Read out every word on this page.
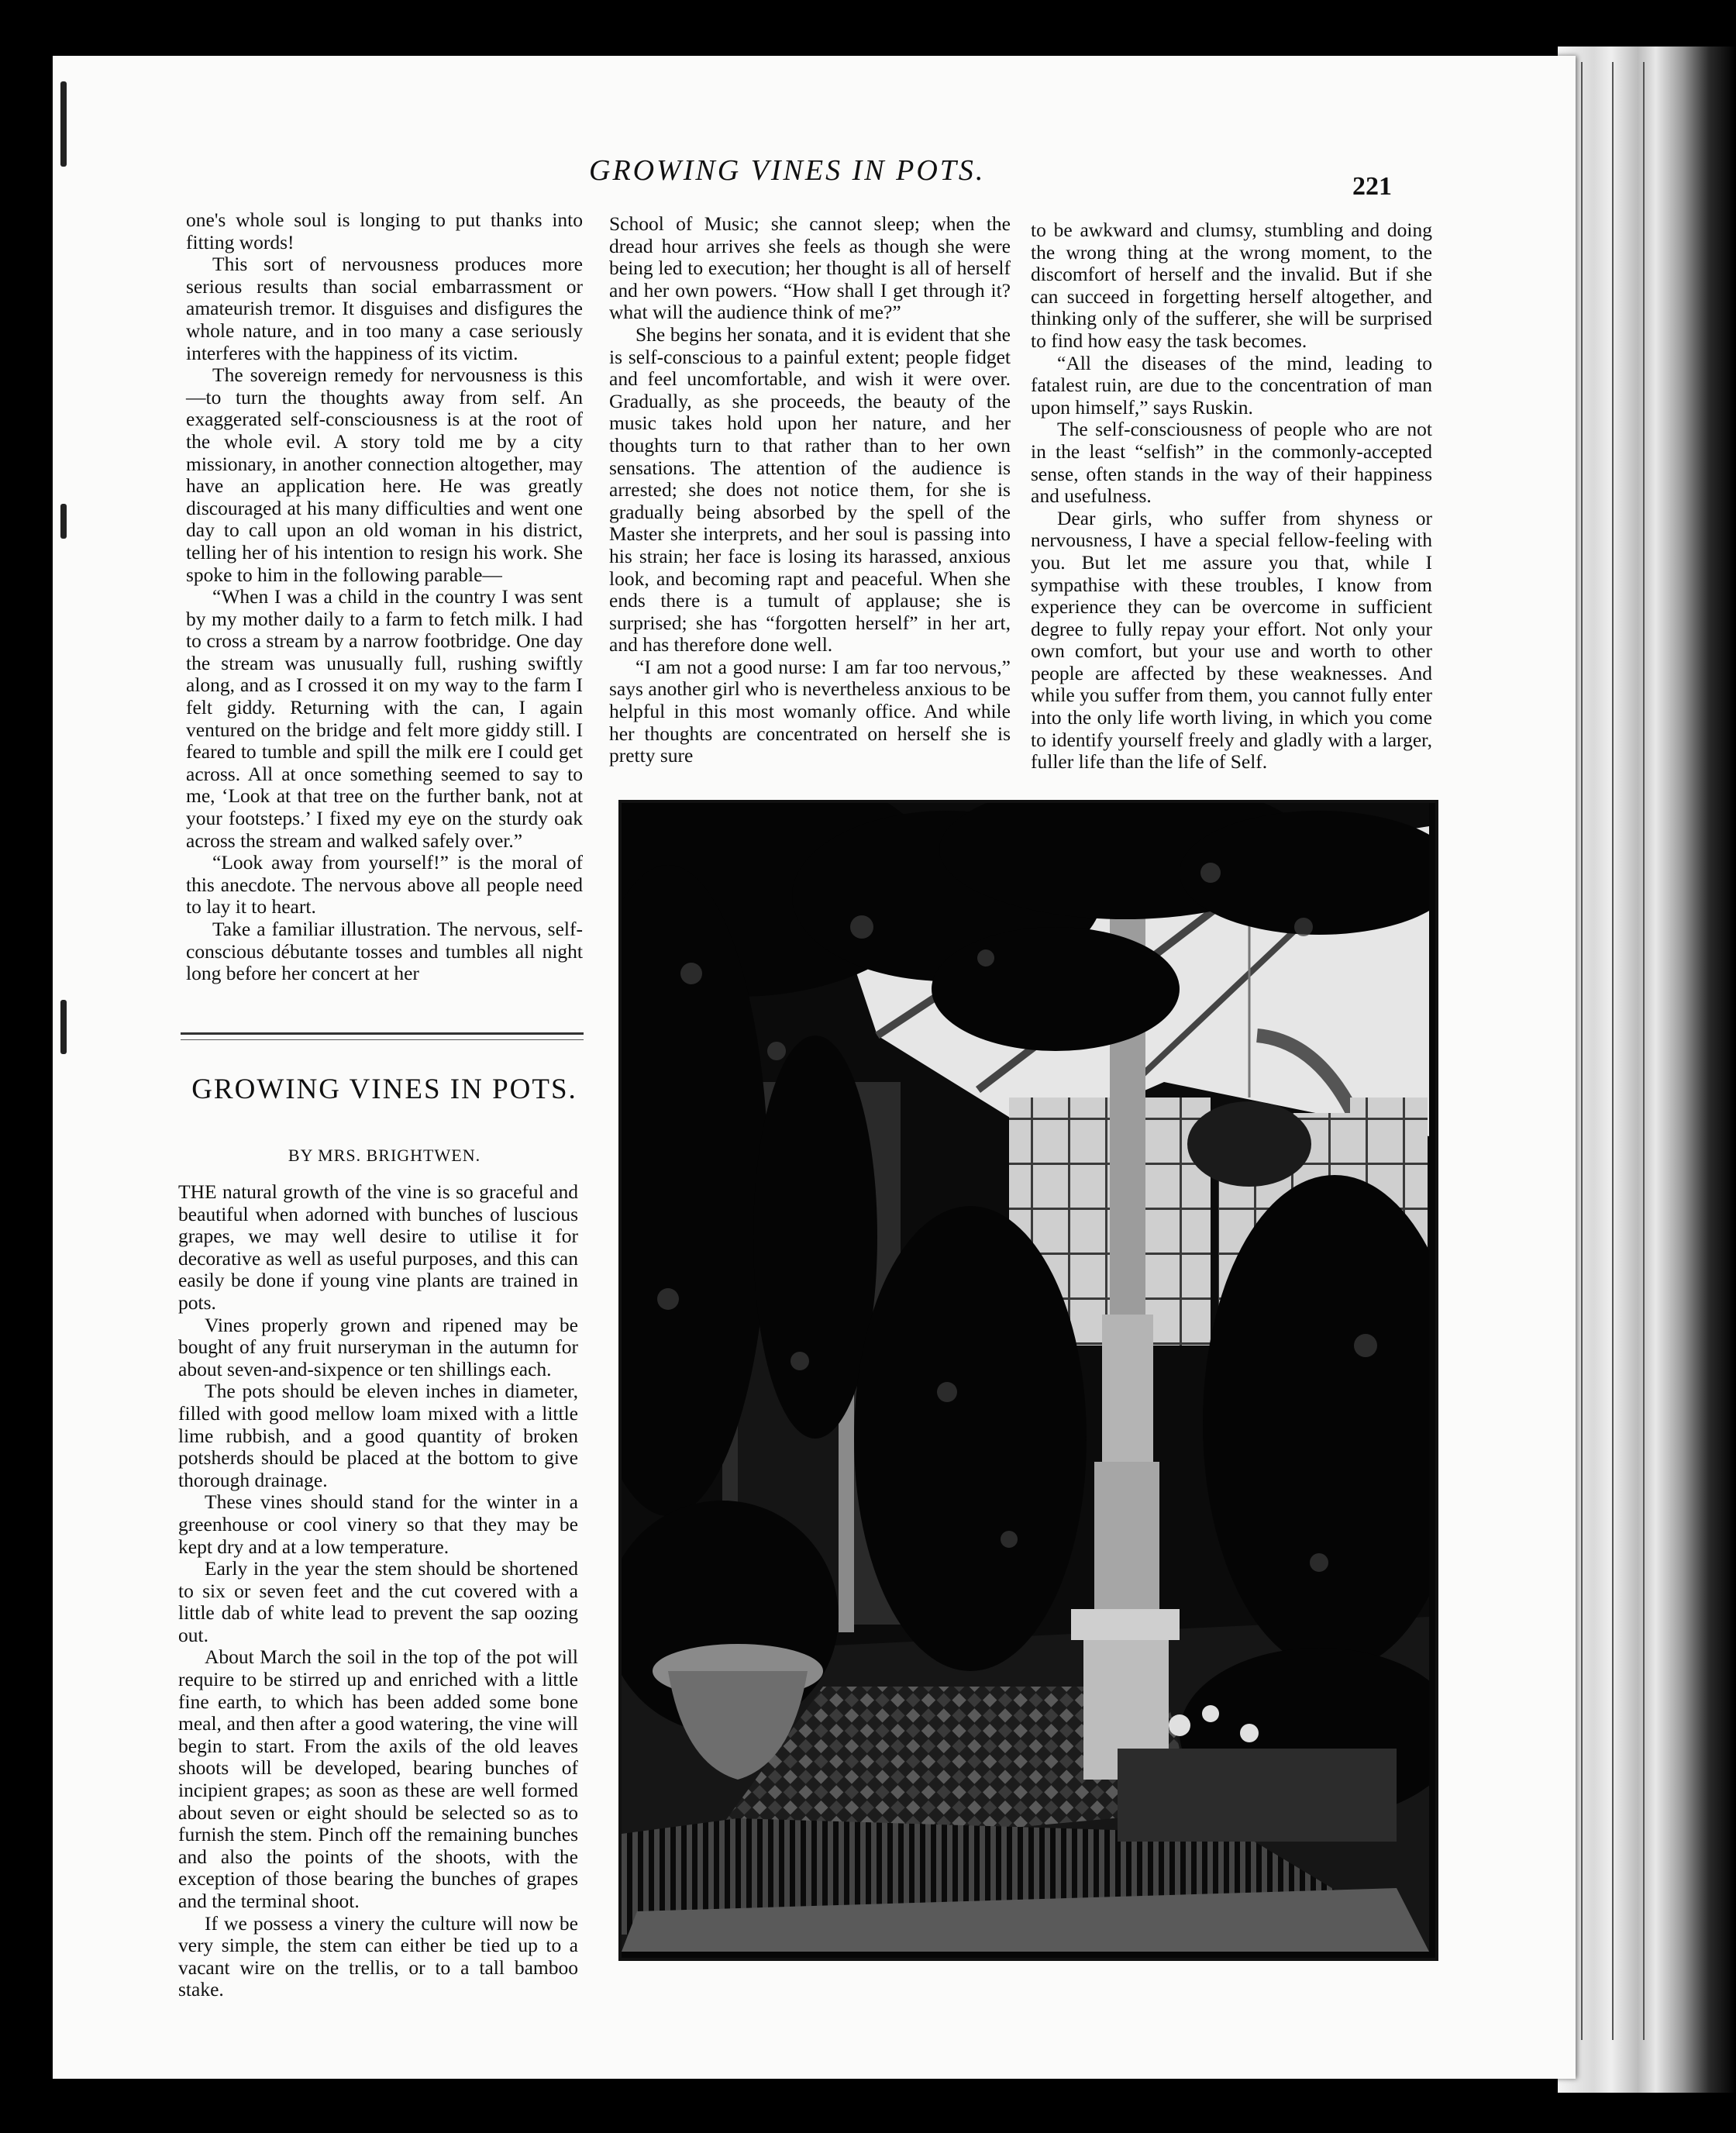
GROWING VINES IN POTS.	221

one's whole soul is longing to put thanks into fitting words!

This sort of nervousness produces more serious results than social embarrassment or amateurish tremor. It disguises and disfigures the whole nature, and in too many a case seriously interferes with the happiness of its victim.

The sovereign remedy for nervousness is this—to turn the thoughts away from self. An exaggerated self-consciousness is at the root of the whole evil. A story told me by a city missionary, in another connection altogether, may have an application here. He was greatly discouraged at his many difficulties and went one day to call upon an old woman in his district, telling her of his intention to resign his work. She spoke to him in the following parable—

“When I was a child in the country I was sent by my mother daily to a farm to fetch milk. I had to cross a stream by a narrow footbridge. One day the stream was unusually full, rushing swiftly along, and as I crossed it on my way to the farm I felt giddy. Returning with the can, I again ventured on the bridge and felt more giddy still. I feared to tumble and spill the milk ere I could get across. All at once something seemed to say to me, ‘Look at that tree on the further bank, not at your footsteps.’ I fixed my eye on the sturdy oak across the stream and walked safely over.”

“Look away from yourself!” is the moral of this anecdote. The nervous above all people need to lay it to heart.

Take a familiar illustration. The nervous, self-conscious débutante tosses and tumbles all night long before her concert at her

School of Music; she cannot sleep; when the dread hour arrives she feels as though she were being led to execution; her thought is all of herself and her own powers. “How shall I get through it? what will the audience think of me?”

She begins her sonata, and it is evident that she is self-conscious to a painful extent; people fidget and feel uncomfortable, and wish it were over. Gradually, as she proceeds, the beauty of the music takes hold upon her nature, and her thoughts turn to that rather than to her own sensations. The attention of the audience is arrested; she does not notice them, for she is gradually being absorbed by the spell of the Master she interprets, and her soul is passing into his strain; her face is losing its harassed, anxious look, and becoming rapt and peaceful. When she ends there is a tumult of applause; she is surprised; she has “forgotten herself” in her art, and has therefore done well.

“I am not a good nurse: I am far too nervous,” says another girl who is nevertheless anxious to be helpful in this most womanly office. And while her thoughts are concentrated on herself she is pretty sure

to be awkward and clumsy, stumbling and doing the wrong thing at the wrong moment, to the discomfort of herself and the invalid. But if she can succeed in forgetting herself altogether, and thinking only of the sufferer, she will be surprised to find how easy the task becomes.

“All the diseases of the mind, leading to fatalest ruin, are due to the concentration of man upon himself,” says Ruskin.

The self-consciousness of people who are not in the least “selfish” in the commonly-accepted sense, often stands in the way of their happiness and usefulness.

Dear girls, who suffer from shyness or nervousness, I have a special fellow-feeling with you. But let me assure you that, while I sympathise with these troubles, I know from experience they can be overcome in sufficient degree to fully repay your effort. Not only your own comfort, but your use and worth to other people are affected by these weaknesses. And while you suffer from them, you cannot fully enter into the only life worth living, in which you come to identify yourself freely and gladly with a larger, fuller life than the life of Self.

GROWING VINES IN POTS.
BY MRS. BRIGHTWEN.

THE natural growth of the vine is so graceful and beautiful when adorned with bunches of luscious grapes, we may well desire to utilise it for decorative as well as useful purposes, and this can easily be done if young vine plants are trained in pots.

Vines properly grown and ripened may be bought of any fruit nurseryman in the autumn for about seven-and-sixpence or ten shillings each.

The pots should be eleven inches in diameter, filled with good mellow loam mixed with a little lime rubbish, and a good quantity of broken potsherds should be placed at the bottom to give thorough drainage.

These vines should stand for the winter in a greenhouse or cool vinery so that they may be kept dry and at a low temperature.

Early in the year the stem should be shortened to six or seven feet and the cut covered with a little dab of white lead to prevent the sap oozing out.

About March the soil in the top of the pot will require to be stirred up and enriched with a little fine earth, to which has been added some bone meal, and then after a good watering, the vine will begin to start. From the axils of the old leaves shoots will be developed, bearing bunches of incipient grapes; as soon as these are well formed about seven or eight should be selected so as to furnish the stem. Pinch off the remaining bunches and also the points of the shoots, with the exception of those bearing the bunches of grapes and the terminal shoot.

If we possess a vinery the culture will now be very simple, the stem can either be tied up to a vacant wire on the trellis, or to a tall bamboo stake.
